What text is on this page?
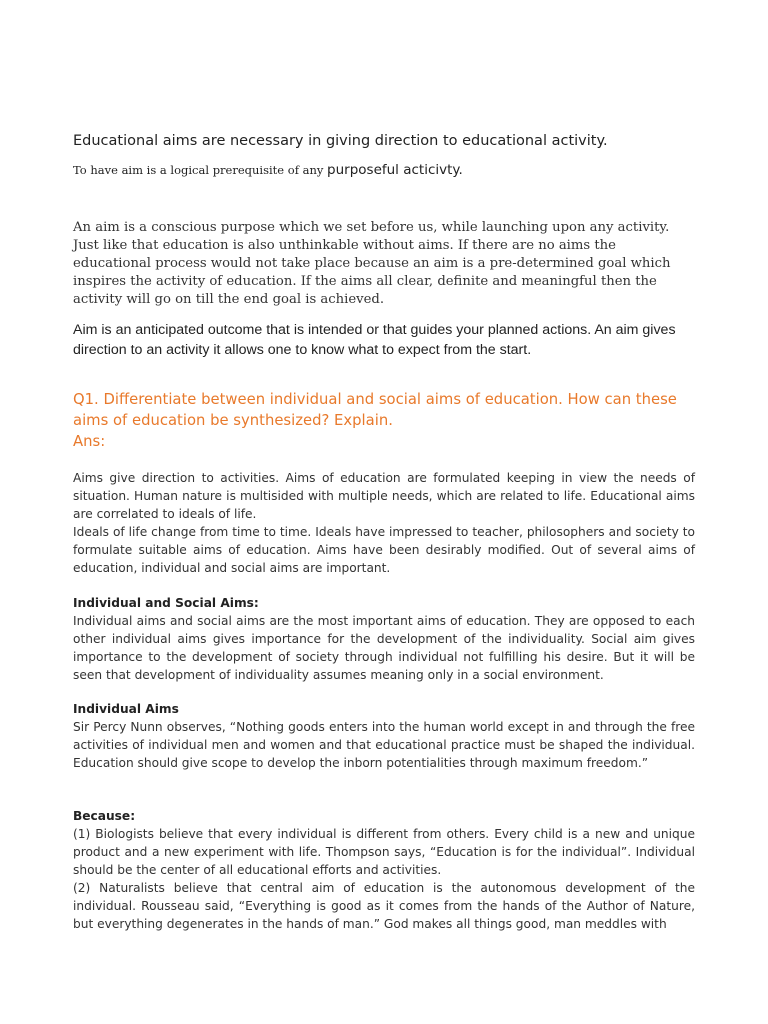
Educational aims are necessary in giving direction to educational activity.

To have aim is a logical prerequisite of any purposeful acticivty.

An aim is a conscious purpose which we set before us, while launching upon any activity. Just like that education is also unthinkable without aims. If there are no aims the educational process would not take place because an aim is a pre-determined goal which inspires the activity of education. If the aims all clear, definite and meaningful then the activity will go on till the end goal is achieved.

Aim is an anticipated outcome that is intended or that guides your planned actions. An aim gives direction to an activity it allows one to know what to expect from the start.

Q1. Differentiate between individual and social aims of education. How can these aims of education be synthesized? Explain.

Ans:

Aims give direction to activities. Aims of education are formulated keeping in view the needs of situation. Human nature is multisided with multiple needs, which are related to life. Educational aims are correlated to ideals of life.
Ideals of life change from time to time. Ideals have impressed to teacher, philosophers and society to formulate suitable aims of education. Aims have been desirably modified. Out of several aims of education, individual and social aims are important.

Individual and Social Aims:

Individual aims and social aims are the most important aims of education. They are opposed to each other individual aims gives importance for the development of the individuality. Social aim gives importance to the development of society through individual not fulfilling his desire. But it will be seen that development of individuality assumes meaning only in a social environment.

Individual Aims

Sir Percy Nunn observes, “Nothing goods enters into the human world except in and through the free activities of individual men and women and that educational practice must be shaped the individual. Education should give scope to develop the inborn potentialities through maximum freedom.”

Because:

(1) Biologists believe that every individual is different from others. Every child is a new and unique product and a new experiment with life. Thompson says, “Education is for the individual”. Individual should be the center of all educational efforts and activities.
(2) Naturalists believe that central aim of education is the autonomous development of the individual. Rousseau said, “Everything is good as it comes from the hands of the Author of Nature, but everything degenerates in the hands of man.” God makes all things good, man meddles with
